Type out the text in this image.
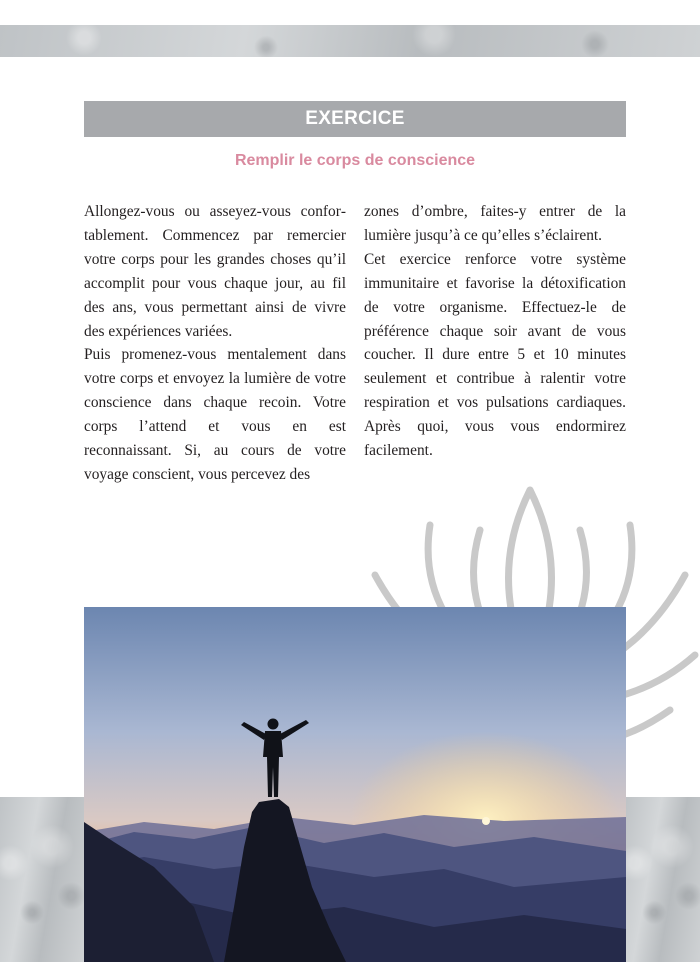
EXERCICE
Remplir le corps de conscience

Allongez-vous ou asseyez-vous confortablement. Commencez par remercier votre corps pour les grandes choses qu’il accomplit pour vous chaque jour, au fil des ans, vous permettant ainsi de vivre des expériences variées.

Puis promenez-vous mentalement dans votre corps et envoyez la lumière de votre conscience dans chaque recoin. Votre corps l’attend et vous en est reconnaissant. Si, au cours de votre voyage conscient, vous percevez des

zones d’ombre, faites-y entrer de la lumière jusqu’à ce qu’elles s’éclairent.

Cet exercice renforce votre système immunitaire et favorise la détoxification de votre organisme. Effectuez-le de préférence chaque soir avant de vous coucher. Il dure entre 5 et 10 minutes seulement et contribue à ralentir votre respiration et vos pulsations cardiaques. Après quoi, vous vous endormirez facilement.
